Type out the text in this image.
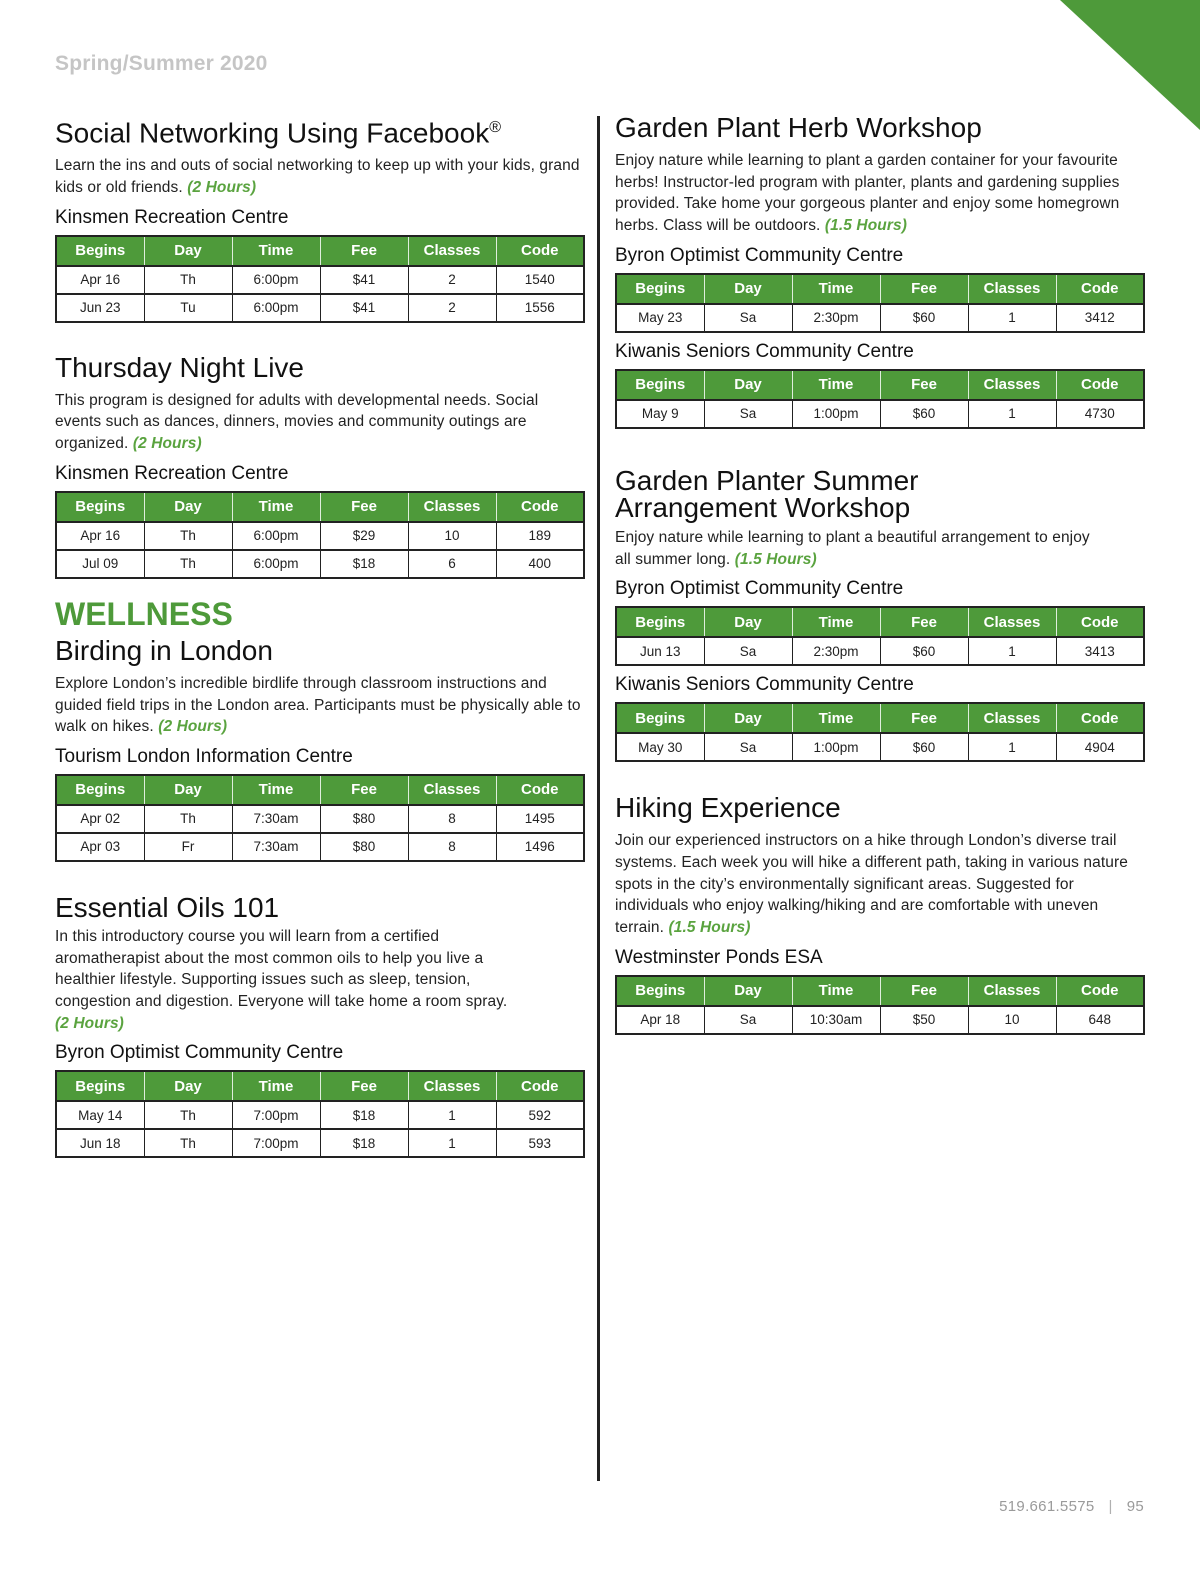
Spring/Summer 2020
Social Networking Using Facebook®

Learn the ins and outs of social networking to keep up with your kids, grand kids or old friends. (2 Hours)

Kinsmen Recreation Centre
Begins	Day	Time	Fee	Classes	Code
Apr 16	Th	6:00pm	$41	2	1540
Jun 23	Tu	6:00pm	$41	2	1556
Thursday Night Live

This program is designed for adults with developmental needs. Social events such as dances, dinners, movies and community outings are organized. (2 Hours)

Kinsmen Recreation Centre
Begins	Day	Time	Fee	Classes	Code
Apr 16	Th	6:00pm	$29	10	189
Jul 09	Th	6:00pm	$18	6	400
WELLNESS
Birding in London

Explore London’s incredible birdlife through classroom instructions and guided field trips in the London area. Participants must be physically able to walk on hikes. (2 Hours)

Tourism London Information Centre
Begins	Day	Time	Fee	Classes	Code
Apr 02	Th	7:30am	$80	8	1495
Apr 03	Fr	7:30am	$80	8	1496
Essential Oils 101

In this introductory course you will learn from a certified aromatherapist about the most common oils to help you live a healthier lifestyle. Supporting issues such as sleep, tension, congestion and digestion. Everyone will take home a room spray. (2 Hours)

Byron Optimist Community Centre
Begins	Day	Time	Fee	Classes	Code
May 14	Th	7:00pm	$18	1	592
Jun 18	Th	7:00pm	$18	1	593
Garden Plant Herb Workshop

Enjoy nature while learning to plant a garden container for your favourite herbs! Instructor-led program with planter, plants and gardening supplies provided. Take home your gorgeous planter and enjoy some homegrown herbs. Class will be outdoors. (1.5 Hours)

Byron Optimist Community Centre
Begins	Day	Time	Fee	Classes	Code
May 23	Sa	2:30pm	$60	1	3412
Kiwanis Seniors Community Centre
Begins	Day	Time	Fee	Classes	Code
May 9	Sa	1:00pm	$60	1	4730
Garden Planter Summer
Arrangement Workshop

Enjoy nature while learning to plant a beautiful arrangement to enjoy all summer long. (1.5 Hours)

Byron Optimist Community Centre
Begins	Day	Time	Fee	Classes	Code
Jun 13	Sa	2:30pm	$60	1	3413
Kiwanis Seniors Community Centre
Begins	Day	Time	Fee	Classes	Code
May 30	Sa	1:00pm	$60	1	4904
Hiking Experience

Join our experienced instructors on a hike through London’s diverse trail systems. Each week you will hike a different path, taking in various nature spots in the city’s environmentally significant areas. Suggested for individuals who enjoy walking/hiking and are comfortable with uneven terrain. (1.5 Hours)

Westminster Ponds ESA
Begins	Day	Time	Fee	Classes	Code
Apr 18	Sa	10:30am	$50	10	648
519.661.5575 | 95
